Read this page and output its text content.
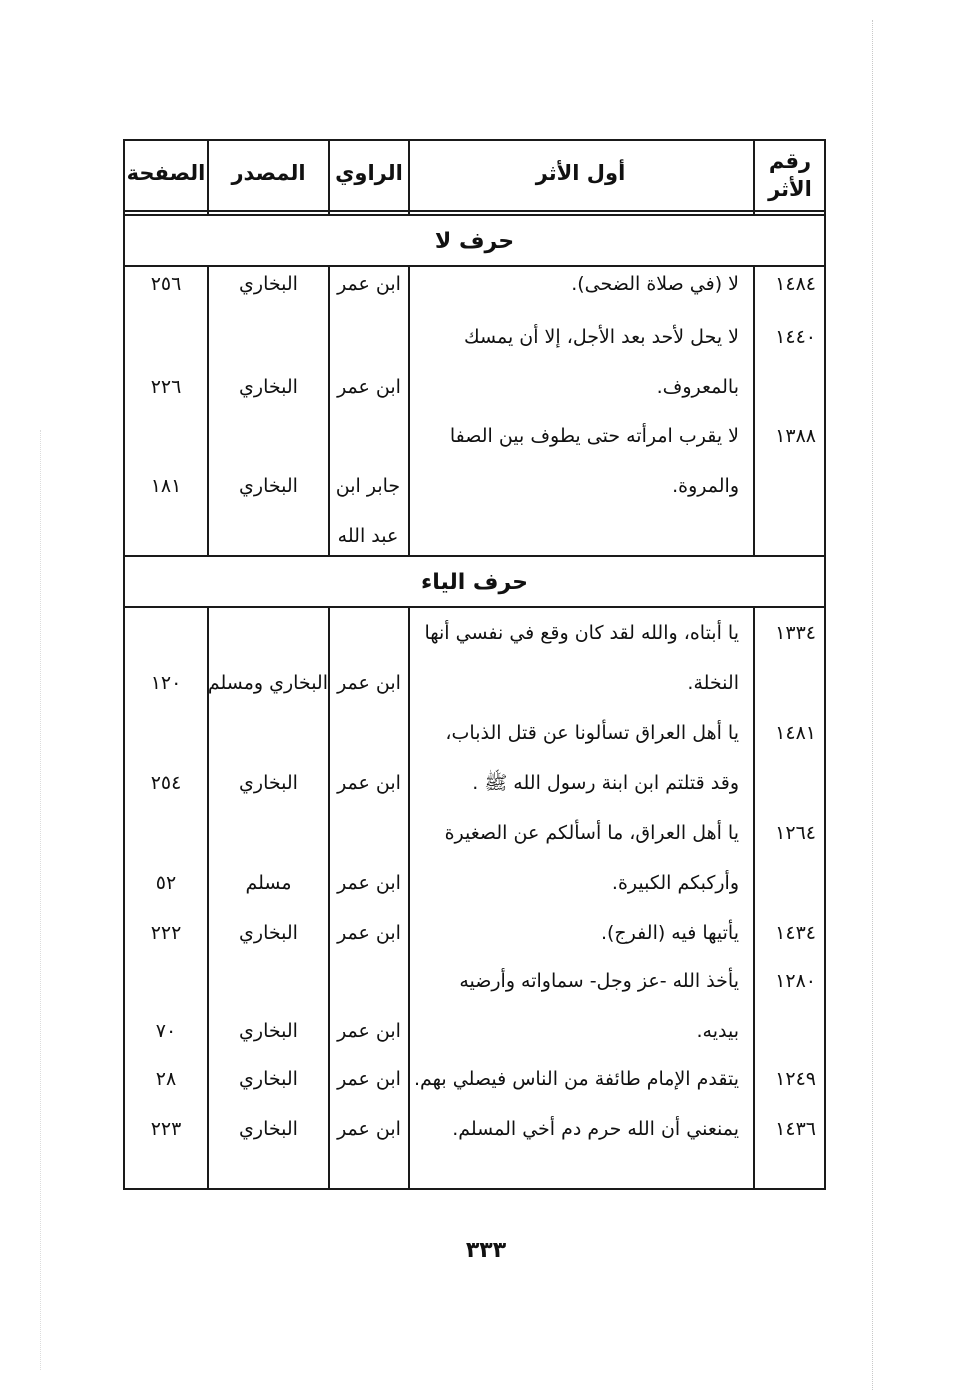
رقم
الأثر
أول الأثر
الراوي
المصدر
الصفحة
حرف لا
١٤٨٤
لا (في صلاة الضحى).
ابن عمر
البخاري
٢٥٦
١٤٤٠
لا يحل لأحد بعد الأجل، إلا أن يمسك
بالمعروف.
ابن عمر
البخاري
٢٢٦
١٣٨٨
لا يقرب امرأته حتى يطوف بين الصفا
والمروة.
جابر ابن
عبد الله
البخاري
١٨١
حرف الياء
١٣٣٤
يا أبتاه، والله لقد كان وقع في نفسي أنها
النخلة.
ابن عمر
البخاري ومسلم
١٢٠
١٤٨١
يا أهل العراق تسألونا عن قتل الذباب،
وقد قتلتم ابن ابنة رسول الله ﷺ .
ابن عمر
البخاري
٢٥٤
١٢٦٤
يا أهل العراق، ما أسألكم عن الصغيرة
وأركبكم الكبيرة.
ابن عمر
مسلم
٥٢
١٤٣٤
يأتيها فيه (الفرج).
ابن عمر
البخاري
٢٢٢
١٢٨٠
يأخذ الله -عز وجل- سماواته وأرضيه
بيديه.
ابن عمر
البخاري
٧٠
١٢٤٩
يتقدم الإمام طائفة من الناس فيصلي بهم.
ابن عمر
البخاري
٢٨
١٤٣٦
يمنعني أن الله حرم دم أخي المسلم.
ابن عمر
البخاري
٢٢٣
٣٣٣
